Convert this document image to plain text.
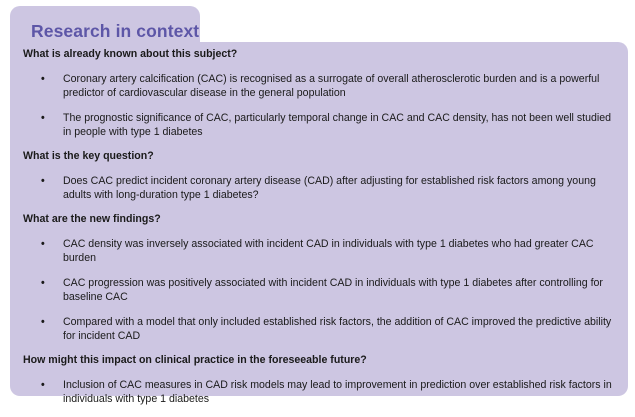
Research in context
What is already known about this subject?
• Coronary artery calcification (CAC) is recognised as a surrogate of overall atherosclerotic burden and is a powerful predictor of cardiovascular disease in the general population
• The prognostic significance of CAC, particularly temporal change in CAC and CAC density, has not been well studied in people with type 1 diabetes
What is the key question?
• Does CAC predict incident coronary artery disease (CAD) after adjusting for established risk factors among young adults with long-duration type 1 diabetes?
What are the new findings?
• CAC density was inversely associated with incident CAD in individuals with type 1 diabetes who had greater CAC burden
• CAC progression was positively associated with incident CAD in individuals with type 1 diabetes after controlling for baseline CAC
• Compared with a model that only included established risk factors, the addition of CAC improved the predictive ability for incident CAD
How might this impact on clinical practice in the foreseeable future?
• Inclusion of CAC measures in CAD risk models may lead to improvement in prediction over established risk factors in individuals with type 1 diabetes
